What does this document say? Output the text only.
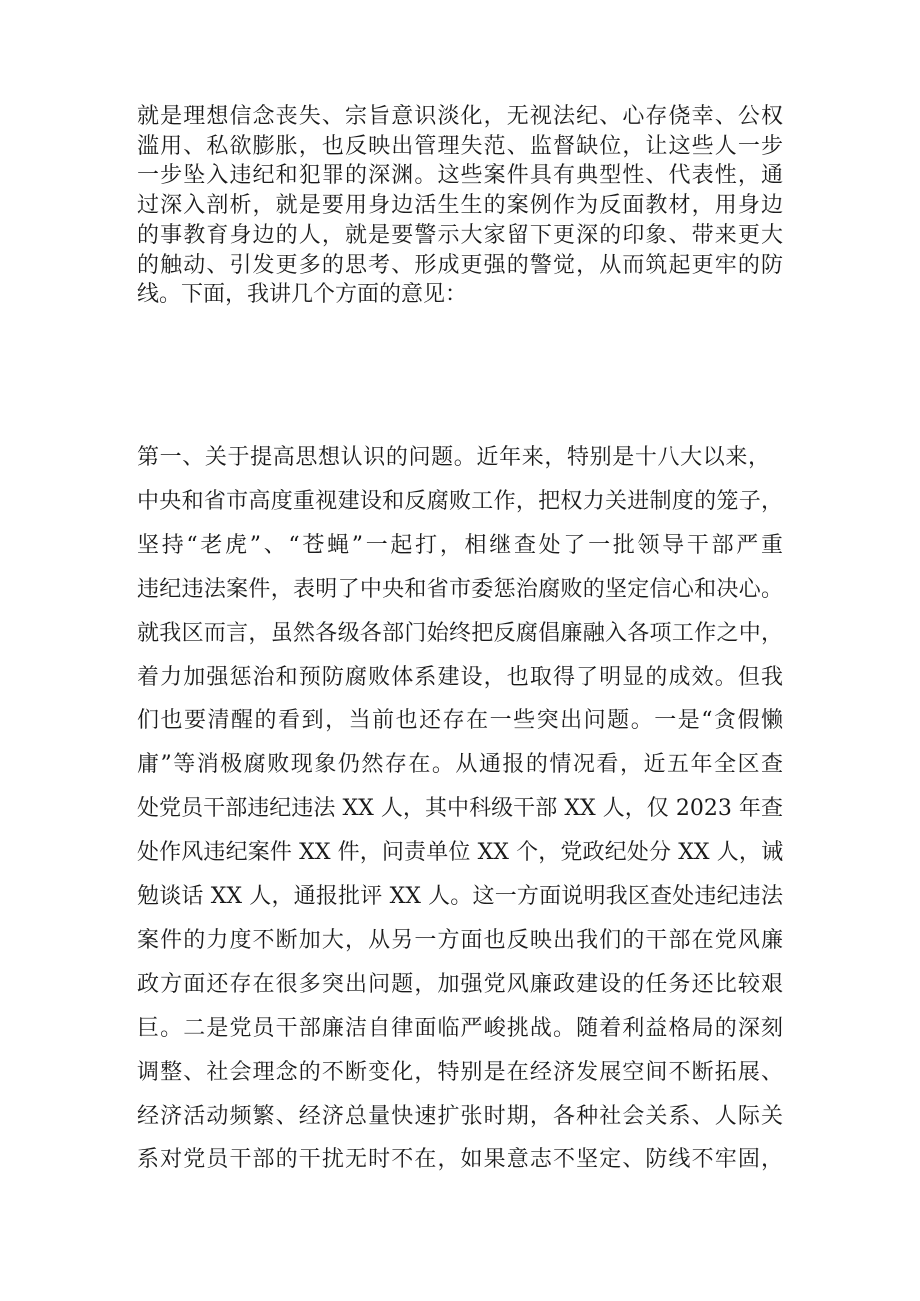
就是理想信念丧失、宗旨意识淡化，无视法纪、心存侥幸、公权
滥用、私欲膨胀，也反映出管理失范、监督缺位，让这些人一步
一步坠入违纪和犯罪的深渊。这些案件具有典型性、代表性，通
过深入剖析，就是要用身边活生生的案例作为反面教材，用身边
的事教育身边的人，就是要警示大家留下更深的印象、带来更大
的触动、引发更多的思考、形成更强的警觉，从而筑起更牢的防
线。下面，我讲几个方面的意见：
第一、关于提高思想认识的问题。近年来，特别是十八大以来，
中央和省市高度重视建设和反腐败工作，把权力关进制度的笼子，
坚持“老虎”、“苍蝇”一起打，相继查处了一批领导干部严重
违纪违法案件，表明了中央和省市委惩治腐败的坚定信心和决心。
就我区而言，虽然各级各部门始终把反腐倡廉融入各项工作之中，
着力加强惩治和预防腐败体系建设，也取得了明显的成效。但我
们也要清醒的看到，当前也还存在一些突出问题。一是“贪假懒
庸”等消极腐败现象仍然存在。从通报的情况看，近五年全区查
处党员干部违纪违法 XX 人，其中科级干部 XX 人，仅 2023 年查
处作风违纪案件 XX 件，问责单位 XX 个，党政纪处分 XX 人，诫
勉谈话 XX 人，通报批评 XX 人。这一方面说明我区查处违纪违法
案件的力度不断加大，从另一方面也反映出我们的干部在党风廉
政方面还存在很多突出问题，加强党风廉政建设的任务还比较艰
巨。二是党员干部廉洁自律面临严峻挑战。随着利益格局的深刻
调整、社会理念的不断变化，特别是在经济发展空间不断拓展、
经济活动频繁、经济总量快速扩张时期，各种社会关系、人际关
系对党员干部的干扰无时不在，如果意志不坚定、防线不牢固，
